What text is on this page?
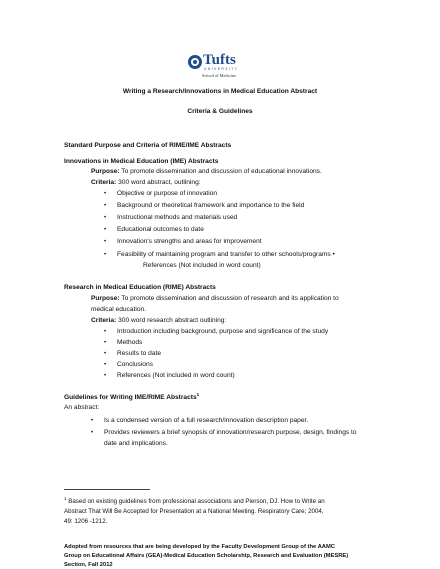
Tufts
UNIVERSITY
School of Medicine
Writing a Research/Innovations in Medical Education Abstract
Criteria & Guidelines
Standard Purpose and Criteria of RIME/IME Abstracts
Innovations in Medical Education (IME) Abstracts
Purpose: To promote dissemination and discussion of educational innovations.
Criteria: 300 word abstract, outlining:
• Objective or purpose of innovation
• Background or theoretical framework and importance to the field
• Instructional methods and materials used
• Educational outcomes to date
• Innovation's strengths and areas for improvement
• Feasibility of maintaining program and transfer to other schools/programs •
References (Not included in word count)
Research in Medical Education (RIME) Abstracts
Purpose: To promote dissemination and discussion of research and its application to
medical education.
Criteria: 300 word research abstract outlining:
• Introduction including background, purpose and significance of the study
• Methods
• Results to date
• Conclusions
• References (Not included in word count)
Guidelines for Writing IME/RIME Abstracts$^1$
An abstract:
• Is a condensed version of a full research/innovation description paper.
• Provides reviewers a brief synopsis of innovation/research purpose, design, findings to
date and implications.
$^1$ Based on existing guidelines from professional associations and Pierson, DJ. How to Write an
Abstract That Will Be Accepted for Presentation at a National Meeting. Respiratory Care; 2004,
49: 1206 -1212.
Adopted from resources that are being developed by the Faculty Development Group of the AAMC
Group on Educational Affairs (GEA)-Medical Education Scholarship, Research and Evaluation (MESRE)
Section, Fall 2012
